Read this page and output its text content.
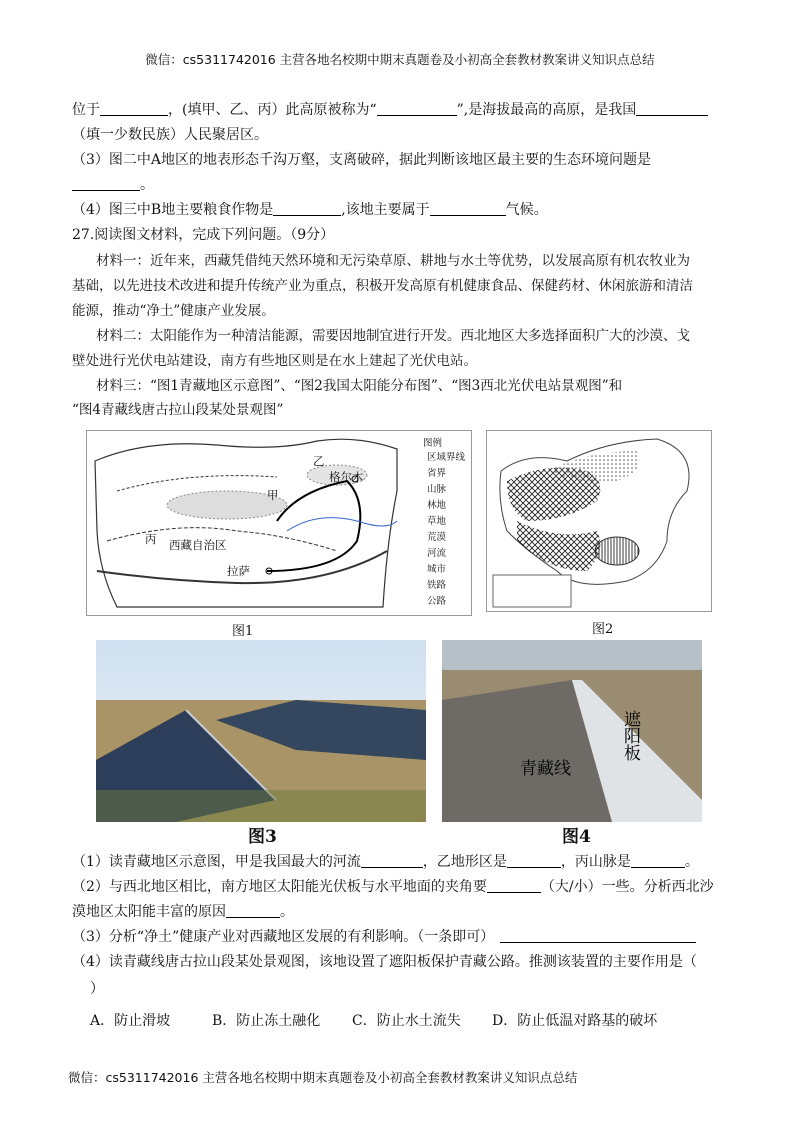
微信：cs5311742016 主营各地名校期中期末真题卷及小初高全套教材教案讲义知识点总结
位于	，(填甲、乙、丙）此高原被称为“	”,是海拔最高的高原，是我国
（填一少数民族）人民聚居区。
（3）图二中A地区的地表形态千沟万壑，支离破碎，据此判断该地区最主要的生态环境问题是
。
（4）图三中B地主要粮食作物是	,该地主要属于	气候。
27.阅读图文材料，完成下列问题。（9分）
材料一：近年来，西藏凭借纯天然环境和无污染草原、耕地与水土等优势，以发展高原有机农牧业为
基础，以先进技术改进和提升传统产业为重点，积极开发高原有机健康食品、保健药材、休闲旅游和清洁
能源，推动“净土”健康产业发展。
材料二：太阳能作为一种清洁能源，需要因地制宜进行开发。西北地区大多选择面积广大的沙漠、戈
壁处进行光伏电站建设，南方有些地区则是在水上建起了光伏电站。
材料三：“图1青藏地区示意图”、“图2我国太阳能分布图”、“图3西北光伏电站景观图”和
“图4青藏线唐古拉山段某处景观图”
乙
格尔木
甲
丙 西藏自治区
拉萨
图例
区域界线
省界
山脉
林地
草地
荒漠
河流
城市
铁路
公路
图1	图2
图3
青藏线
遮阳板
图4
（1）读青藏地区示意图，甲是我国最大的河流	，乙地形区是	，丙山脉是	。
（2）与西北地区相比，南方地区太阳能光伏板与水平地面的夹角要	（大/小）一些。分析西北沙
漠地区太阳能丰富的原因	。
（3）分析“净土”健康产业对西藏地区发展的有利影响。（一条即可）
（4）读青藏线唐古拉山段某处景观图，该地设置了遮阳板保护青藏公路。推测该装置的主要作用是（
）
A．防止滑坡	B．防止冻土融化 C．防止水土流失 D．防止低温对路基的破坏
微信：cs5311742016 主营各地名校期中期末真题卷及小初高全套教材教案讲义知识点总结
